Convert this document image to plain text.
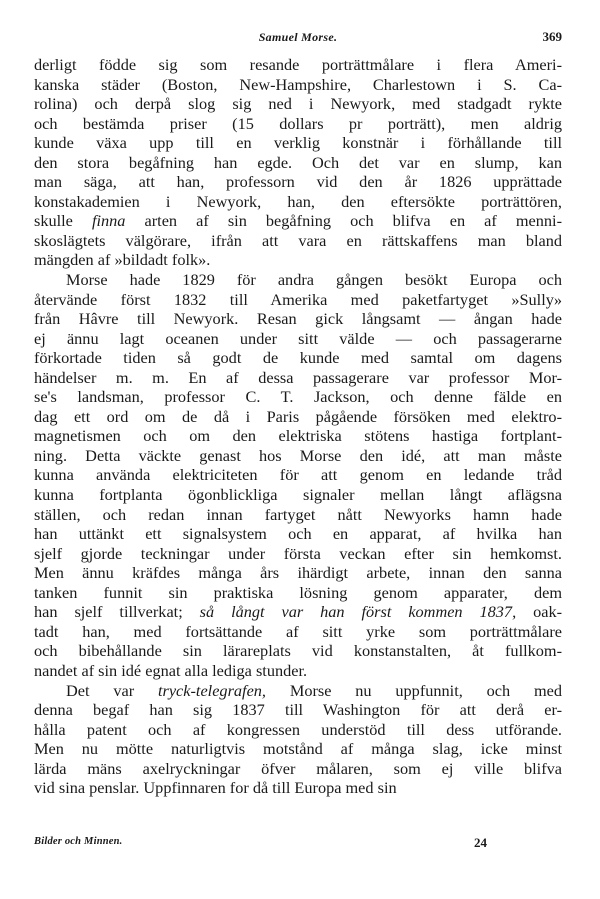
Samuel Morse.	369
derligt födde sig som resande porträttmålare i flera Ameri-
kanska städer (Boston, New-Hampshire, Charlestown i S. Ca-
rolina) och derpå slog sig ned i Newyork, med stadgadt rykte
och bestämda priser (15 dollars pr porträtt), men aldrig
kunde växa upp till en verklig konstnär i förhållande till
den stora begåfning han egde. Och det var en slump, kan
man säga, att han, professorn vid den år 1826 upprättade
konstakademien i Newyork, han, den eftersökte porträttören,
skulle finna arten af sin begåfning och blifva en af menni-
skoslägtets välgörare, ifrån att vara en rättskaffens man bland
mängden af »bildadt folk».
Morse hade 1829 för andra gången besökt Europa och
återvände först 1832 till Amerika med paketfartyget »Sully»
från Hâvre till Newyork. Resan gick långsamt — ångan hade
ej ännu lagt oceanen under sitt välde — och passagerarne
förkortade tiden så godt de kunde med samtal om dagens
händelser m. m. En af dessa passagerare var professor Mor-
se's landsman, professor C. T. Jackson, och denne fälde en
dag ett ord om de då i Paris pågående försöken med elektro-
magnetismen och om den elektriska stötens hastiga fortplant-
ning. Detta väckte genast hos Morse den idé, att man måste
kunna använda elektriciteten för att genom en ledande tråd
kunna fortplanta ögonblickliga signaler mellan långt aflägsna
ställen, och redan innan fartyget nått Newyorks hamn hade
han uttänkt ett signalsystem och en apparat, af hvilka han
sjelf gjorde teckningar under första veckan efter sin hemkomst.
Men ännu kräfdes många års ihärdigt arbete, innan den sanna
tanken funnit sin praktiska lösning genom apparater, dem
han sjelf tillverkat; så långt var han först kommen 1837, oak-
tadt han, med fortsättande af sitt yrke som porträttmålare
och bibehållande sin lärareplats vid konstanstalten, åt fullkom-
nandet af sin idé egnat alla lediga stunder.
Det var tryck-telegrafen, Morse nu uppfunnit, och med
denna begaf han sig 1837 till Washington för att derå er-
hålla patent och af kongressen understöd till dess utförande.
Men nu mötte naturligtvis motstånd af många slag, icke minst
lärda mäns axelryckningar öfver målaren, som ej ville blifva
vid sina penslar. Uppfinnaren for då till Europa med sin
Bilder och Minnen.	24
